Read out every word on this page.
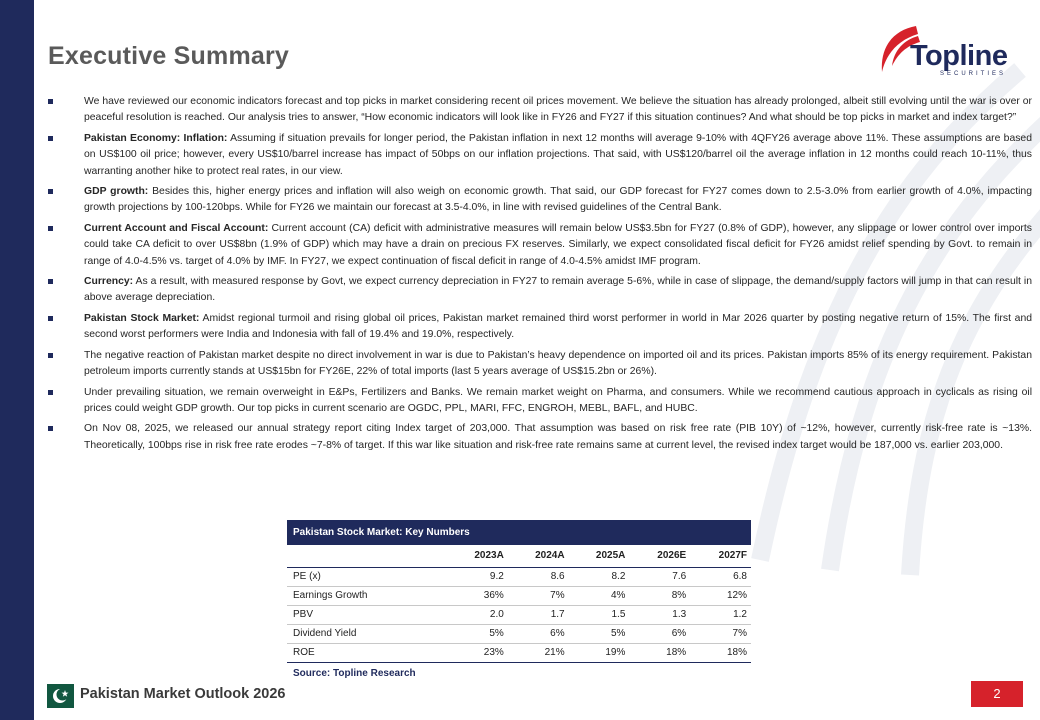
Executive Summary	Topline
SECURITIES
We have reviewed our economic indicators forecast and top picks in market considering recent oil prices movement. We believe the situation has already prolonged, albeit still evolving until the war is over or peaceful resolution is reached. Our analysis tries to answer, “How economic indicators will look like in FY26 and FY27 if this situation continues? And what should be top picks in market and index target?”
Pakistan Economy: Inflation: Assuming if situation prevails for longer period, the Pakistan inflation in next 12 months will average 9-10% with 4QFY26 average above 11%. These assumptions are based on US$100 oil price; however, every US$10/barrel increase has impact of 50bps on our inflation projections. That said, with US$120/barrel oil the average inflation in 12 months could reach 10-11%, thus warranting another hike to protect real rates, in our view.
GDP growth: Besides this, higher energy prices and inflation will also weigh on economic growth. That said, our GDP forecast for FY27 comes down to 2.5-3.0% from earlier growth of 4.0%, impacting growth projections by 100-120bps. While for FY26 we maintain our forecast at 3.5-4.0%, in line with revised guidelines of the Central Bank.
Current Account and Fiscal Account: Current account (CA) deficit with administrative measures will remain below US$3.5bn for FY27 (0.8% of GDP), however, any slippage or lower control over imports could take CA deficit to over US$8bn (1.9% of GDP) which may have a drain on precious FX reserves. Similarly, we expect consolidated fiscal deficit for FY26 amidst relief spending by Govt. to remain in range of 4.0-4.5% vs. target of 4.0% by IMF. In FY27, we expect continuation of fiscal deficit in range of 4.0-4.5% amidst IMF program.
Currency: As a result, with measured response by Govt, we expect currency depreciation in FY27 to remain average 5-6%, while in case of slippage, the demand/supply factors will jump in that can result in above average depreciation.
Pakistan Stock Market: Amidst regional turmoil and rising global oil prices, Pakistan market remained third worst performer in world in Mar 2026 quarter by posting negative return of 15%. The first and second worst performers were India and Indonesia with fall of 19.4% and 19.0%, respectively.
The negative reaction of Pakistan market despite no direct involvement in war is due to Pakistan’s heavy dependence on imported oil and its prices. Pakistan imports 85% of its energy requirement. Pakistan petroleum imports currently stands at US$15bn for FY26E, 22% of total imports (last 5 years average of US$15.2bn or 26%).
Under prevailing situation, we remain overweight in E&Ps, Fertilizers and Banks. We remain market weight on Pharma, and consumers. While we recommend cautious approach in cyclicals as rising oil prices could weight GDP growth. Our top picks in current scenario are OGDC, PPL, MARI, FFC, ENGROH, MEBL, BAFL, and HUBC.
On Nov 08, 2025, we released our annual strategy report citing Index target of 203,000. That assumption was based on risk free rate (PIB 10Y) of ~12%, however, currently risk-free rate is ~13%. Theoretically, 100bps rise in risk free rate erodes ~7-8% of target. If this war like situation and risk-free rate remains same at current level, the revised index target would be 187,000 vs. earlier 203,000.
Pakistan Stock Market: Key Numbers
	2023A	2024A	2025A	2026E	2027F
PE (x)	9.2	8.6	8.2	7.6	6.8
Earnings Growth	36%	7%	4%	8%	12%
PBV	2.0	1.7	1.5	1.3	1.2
Dividend Yield	5%	6%	5%	6%	7%
ROE	23%	21%	19%	18%	18%
Source: Topline Research
Pakistan Market Outlook 2026	2
